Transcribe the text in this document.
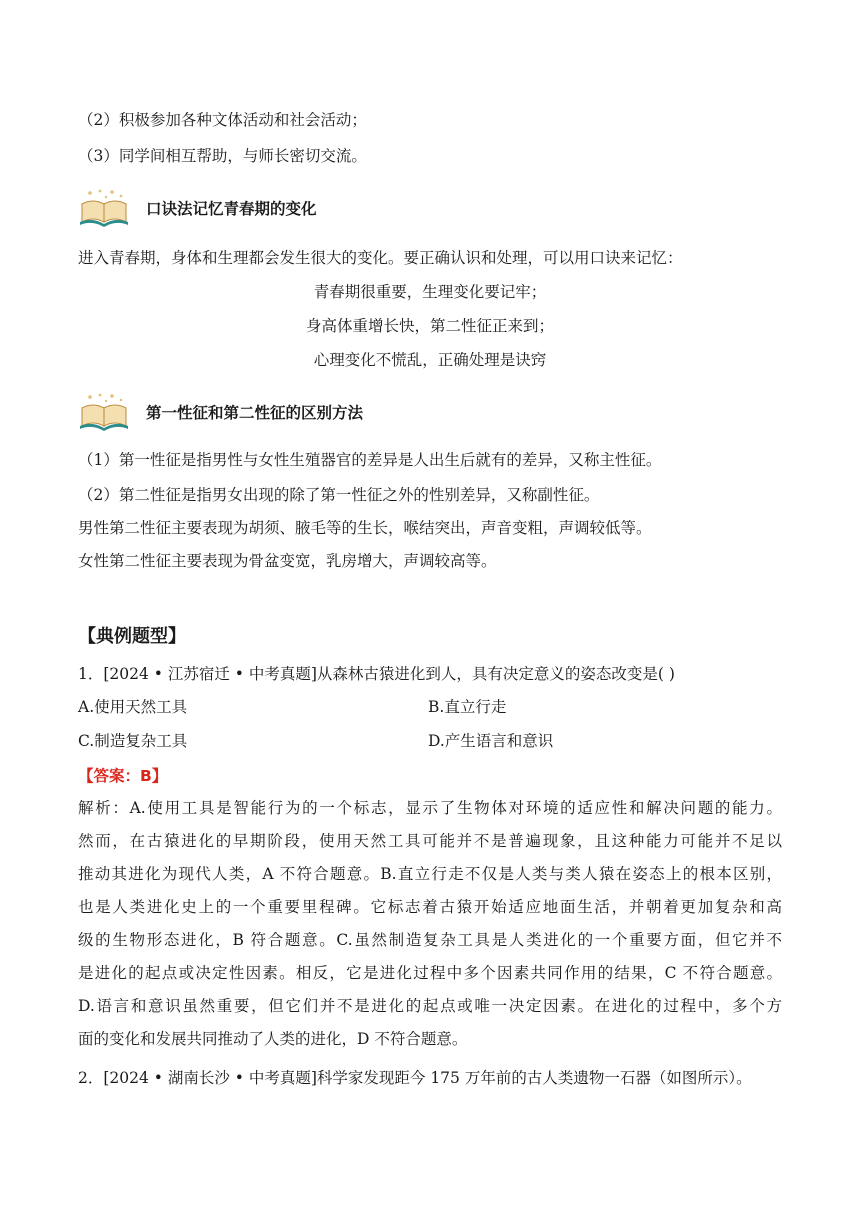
（2）积极参加各种文体活动和社会活动；
（3）同学间相互帮助，与师长密切交流。
口诀法记忆青春期的变化
进入青春期，身体和生理都会发生很大的变化。要正确认识和处理，可以用口诀来记忆：
青春期很重要，生理变化要记牢；
身高体重增长快，第二性征正来到；
心理变化不慌乱，正确处理是诀窍
第一性征和第二性征的区别方法
（1）第一性征是指男性与女性生殖器官的差异是人出生后就有的差异，又称主性征。
（2）第二性征是指男女出现的除了第一性征之外的性别差异，又称副性征。
男性第二性征主要表现为胡须、腋毛等的生长，喉结突出，声音变粗，声调较低等。
女性第二性征主要表现为骨盆变宽，乳房增大，声调较高等。
【典例题型】
1．[2024 • 江苏宿迁 • 中考真题]从森林古猿进化到人，具有决定意义的姿态改变是( )
A.使用天然工具	B.直立行走
C.制造复杂工具	D.产生语言和意识
【答案：B】
解析：A.使用工具是智能行为的一个标志，显示了生物体对环境的适应性和解决问题的能力。
然而，在古猿进化的早期阶段，使用天然工具可能并不是普遍现象，且这种能力可能并不足以
推动其进化为现代人类，A 不符合题意。B.直立行走不仅是人类与类人猿在姿态上的根本区别，
也是人类进化史上的一个重要里程碑。它标志着古猿开始适应地面生活，并朝着更加复杂和高
级的生物形态进化，B 符合题意。C.虽然制造复杂工具是人类进化的一个重要方面，但它并不
是进化的起点或决定性因素。相反，它是进化过程中多个因素共同作用的结果，C 不符合题意。
D.语言和意识虽然重要，但它们并不是进化的起点或唯一决定因素。在进化的过程中，多个方
面的变化和发展共同推动了人类的进化，D 不符合题意。
2．[2024 • 湖南长沙 • 中考真题]科学家发现距今 175 万年前的古人类遗物一石器（如图所示）。
